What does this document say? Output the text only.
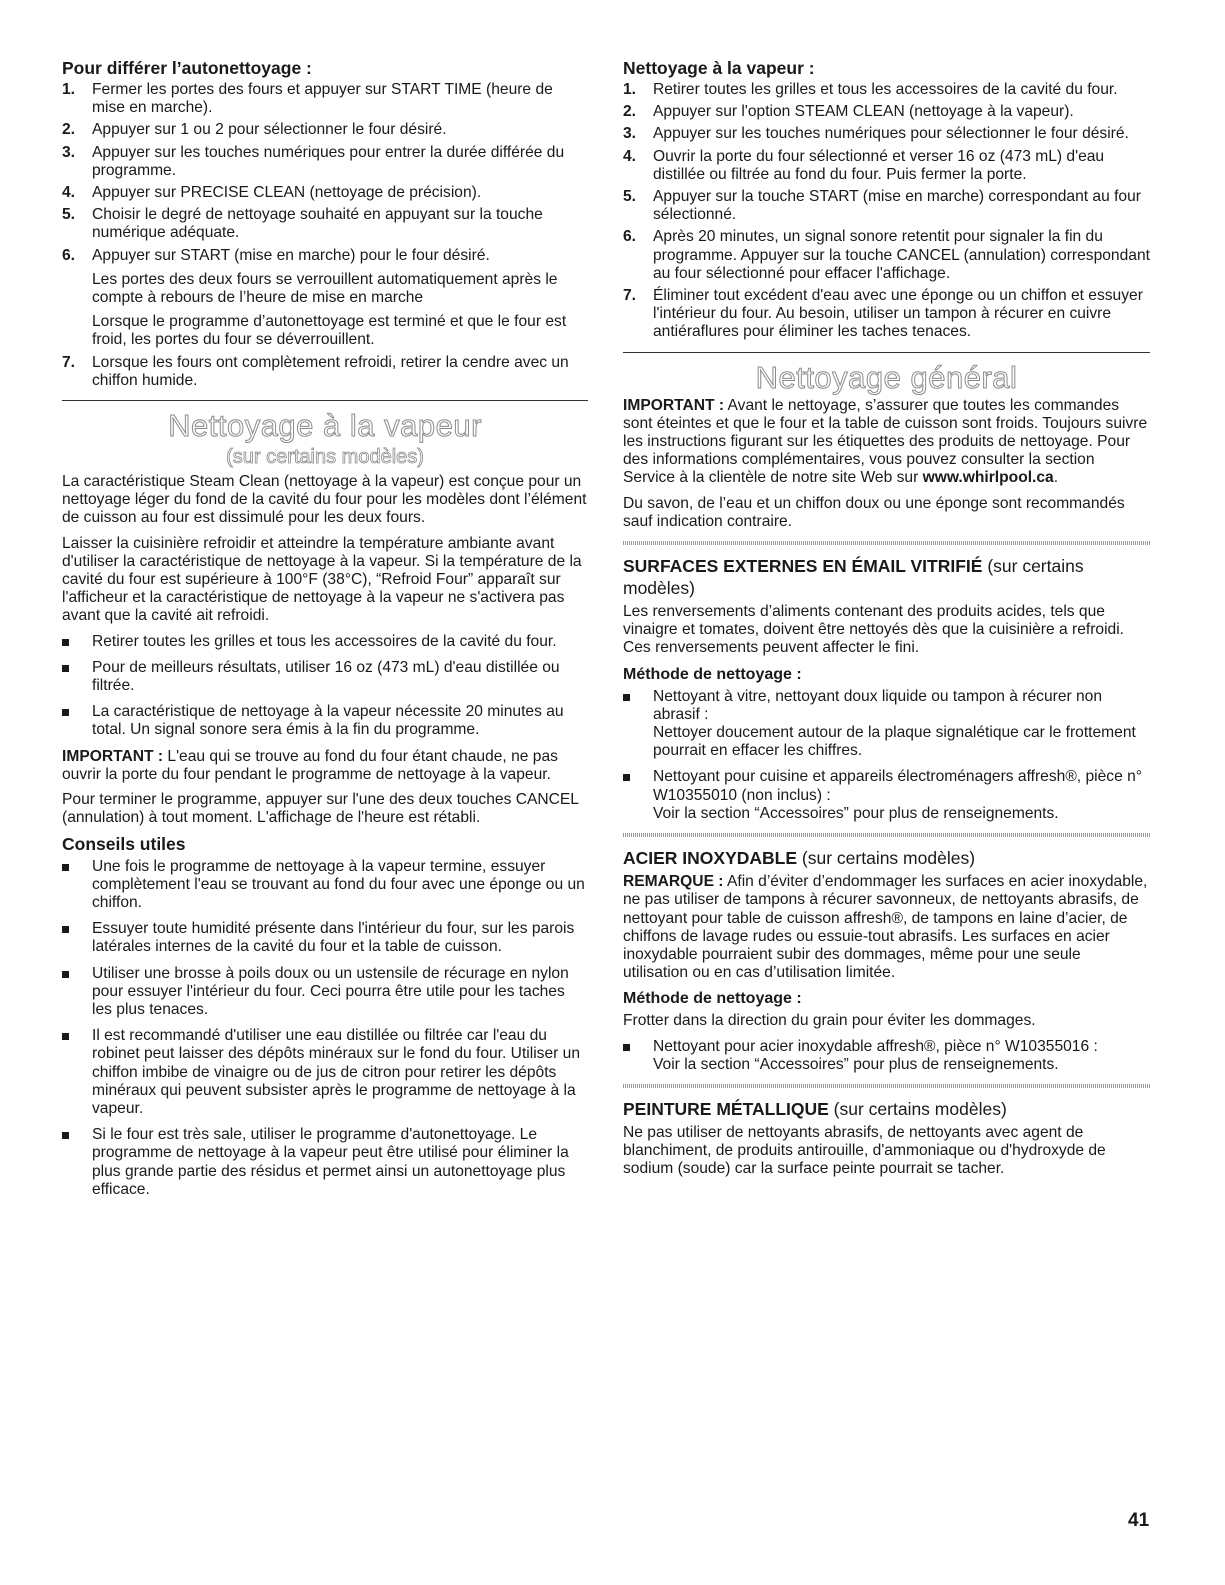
Pour différer l’autonettoyage :
1. Fermer les portes des fours et appuyer sur START TIME (heure de mise en marche).
2. Appuyer sur 1 ou 2 pour sélectionner le four désiré.
3. Appuyer sur les touches numériques pour entrer la durée différée du programme.
4. Appuyer sur PRECISE CLEAN (nettoyage de précision).
5. Choisir le degré de nettoyage souhaité en appuyant sur la touche numérique adéquate.
6. Appuyer sur START (mise en marche) pour le four désiré.
Les portes des deux fours se verrouillent automatiquement après le compte à rebours de l’heure de mise en marche
Lorsque le programme d’autonettoyage est terminé et que le four est froid, les portes du four se déverrouillent.
7. Lorsque les fours ont complètement refroidi, retirer la cendre avec un chiffon humide.
Nettoyage à la vapeur
(sur certains modèles)

La caractéristique Steam Clean (nettoyage à la vapeur) est conçue pour un nettoyage léger du fond de la cavité du four pour les modèles dont l’élément de cuisson au four est dissimulé pour les deux fours.

Laisser la cuisinière refroidir et atteindre la température ambiante avant d'utiliser la caractéristique de nettoyage à la vapeur. Si la température de la cavité du four est supérieure à 100°F (38°C), “Refroid Four” apparaît sur l'afficheur et la caractéristique de nettoyage à la vapeur ne s'activera pas avant que la cavité ait refroidi.

Retirer toutes les grilles et tous les accessoires de la cavité du four.
Pour de meilleurs résultats, utiliser 16 oz (473 mL) d'eau distillée ou filtrée.
La caractéristique de nettoyage à la vapeur nécessite 20 minutes au total. Un signal sonore sera émis à la fin du programme.

IMPORTANT : L'eau qui se trouve au fond du four étant chaude, ne pas ouvrir la porte du four pendant le programme de nettoyage à la vapeur.

Pour terminer le programme, appuyer sur l'une des deux touches CANCEL (annulation) à tout moment. L'affichage de l'heure est rétabli.

Conseils utiles
Une fois le programme de nettoyage à la vapeur termine, essuyer complètement l'eau se trouvant au fond du four avec une éponge ou un chiffon.
Essuyer toute humidité présente dans l'intérieur du four, sur les parois latérales internes de la cavité du four et la table de cuisson.
Utiliser une brosse à poils doux ou un ustensile de récurage en nylon pour essuyer l'intérieur du four. Ceci pourra être utile pour les taches les plus tenaces.
Il est recommandé d'utiliser une eau distillée ou filtrée car l'eau du robinet peut laisser des dépôts minéraux sur le fond du four. Utiliser un chiffon imbibe de vinaigre ou de jus de citron pour retirer les dépôts minéraux qui peuvent subsister après le programme de nettoyage à la vapeur.
Si le four est très sale, utiliser le programme d'autonettoyage. Le programme de nettoyage à la vapeur peut être utilisé pour éliminer la plus grande partie des résidus et permet ainsi un autonettoyage plus efficace.
Nettoyage à la vapeur :
1. Retirer toutes les grilles et tous les accessoires de la cavité du four.
2. Appuyer sur l'option STEAM CLEAN (nettoyage à la vapeur).
3. Appuyer sur les touches numériques pour sélectionner le four désiré.
4. Ouvrir la porte du four sélectionné et verser 16 oz (473 mL) d'eau distillée ou filtrée au fond du four. Puis fermer la porte.
5. Appuyer sur la touche START (mise en marche) correspondant au four sélectionné.
6. Après 20 minutes, un signal sonore retentit pour signaler la fin du programme. Appuyer sur la touche CANCEL (annulation) correspondant au four sélectionné pour effacer l'affichage.
7. Éliminer tout excédent d'eau avec une éponge ou un chiffon et essuyer l'intérieur du four. Au besoin, utiliser un tampon à récurer en cuivre antiéraflures pour éliminer les taches tenaces.
Nettoyage général

IMPORTANT : Avant le nettoyage, s’assurer que toutes les commandes sont éteintes et que le four et la table de cuisson sont froids. Toujours suivre les instructions figurant sur les étiquettes des produits de nettoyage. Pour des informations complémentaires, vous pouvez consulter la section Service à la clientèle de notre site Web sur www.whirlpool.ca.

Du savon, de l’eau et un chiffon doux ou une éponge sont recommandés sauf indication contraire.

SURFACES EXTERNES EN ÉMAIL VITRIFIÉ (sur certains modèles)

Les renversements d’aliments contenant des produits acides, tels que vinaigre et tomates, doivent être nettoyés dès que la cuisinière a refroidi. Ces renversements peuvent affecter le fini.

Méthode de nettoyage :
Nettoyant à vitre, nettoyant doux liquide ou tampon à récurer non abrasif :
Nettoyer doucement autour de la plaque signalétique car le frottement pourrait en effacer les chiffres.
Nettoyant pour cuisine et appareils électroménagers affresh®, pièce n° W10355010 (non inclus) :
Voir la section “Accessoires” pour plus de renseignements.
ACIER INOXYDABLE (sur certains modèles)

REMARQUE : Afin d’éviter d’endommager les surfaces en acier inoxydable, ne pas utiliser de tampons à récurer savonneux, de nettoyants abrasifs, de nettoyant pour table de cuisson affresh®, de tampons en laine d’acier, de chiffons de lavage rudes ou essuie-tout abrasifs. Les surfaces en acier inoxydable pourraient subir des dommages, même pour une seule utilisation ou en cas d’utilisation limitée.

Méthode de nettoyage :

Frotter dans la direction du grain pour éviter les dommages.

Nettoyant pour acier inoxydable affresh®, pièce n° W10355016 :
Voir la section “Accessoires” pour plus de renseignements.
PEINTURE MÉTALLIQUE (sur certains modèles)

Ne pas utiliser de nettoyants abrasifs, de nettoyants avec agent de blanchiment, de produits antirouille, d'ammoniaque ou d'hydroxyde de sodium (soude) car la surface peinte pourrait se tacher.

41
